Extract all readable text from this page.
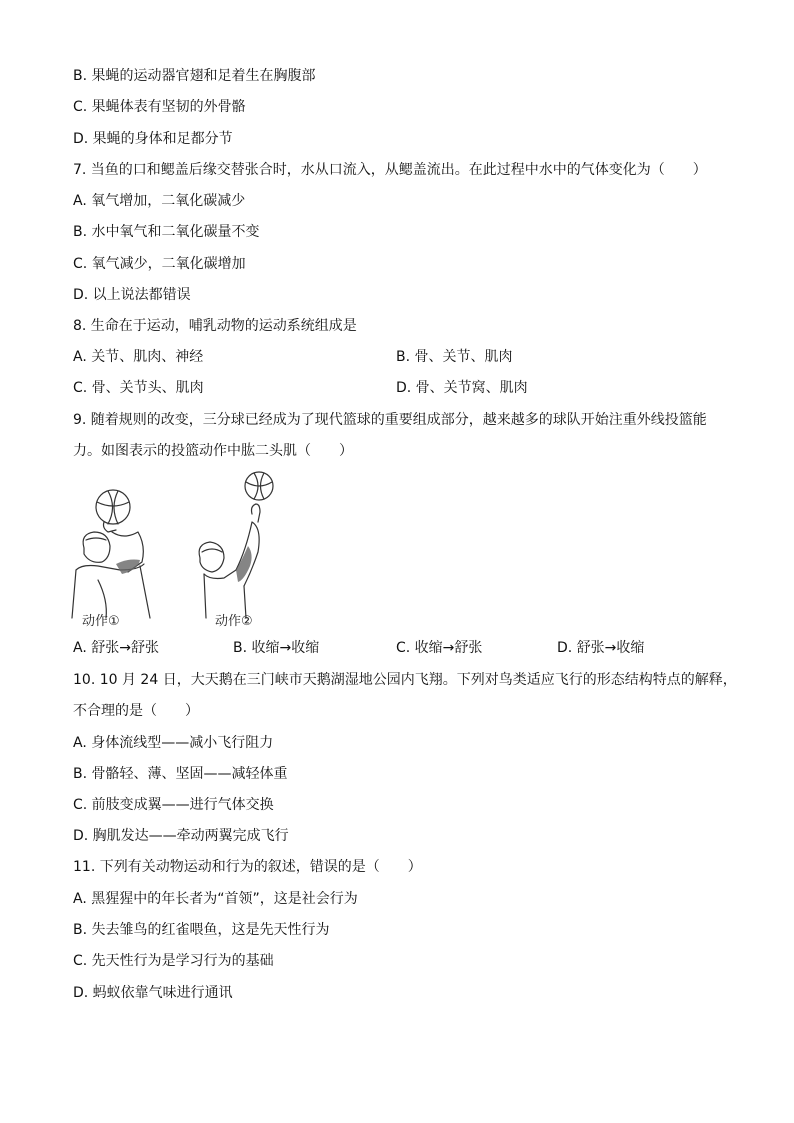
B. 果蝇的运动器官翅和足着生在胸腹部
C. 果蝇体表有坚韧的外骨骼
D. 果蝇的身体和足都分节
7. 当鱼的口和鳃盖后缘交替张合时，水从口流入，从鳃盖流出。在此过程中水中的气体变化为（　　）
A. 氧气增加，二氧化碳减少
B. 水中氧气和二氧化碳量不变
C. 氧气减少，二氧化碳增加
D. 以上说法都错误
8. 生命在于运动，哺乳动物的运动系统组成是
A. 关节、肌肉、神经	B. 骨、关节、肌肉
C. 骨、关节头、肌肉	D. 骨、关节窝、肌肉
9. 随着规则的改变，三分球已经成为了现代篮球的重要组成部分，越来越多的球队开始注重外线投篮能
力。如图表示的投篮动作中肱二头肌（　　）
动作①	动作②
A. 舒张→舒张	B. 收缩→收缩	C. 收缩→舒张	D. 舒张→收缩
10. 10 月 24 日，大天鹅在三门峡市天鹅湖湿地公园内飞翔。下列对鸟类适应飞行的形态结构特点的解释，
不合理的是（　　）
A. 身体流线型——减小飞行阻力
B. 骨骼轻、薄、坚固——减轻体重
C. 前肢变成翼——进行气体交换
D. 胸肌发达——牵动两翼完成飞行
11. 下列有关动物运动和行为的叙述，错误的是（　　）
A. 黑猩猩中的年长者为“首领”，这是社会行为
B. 失去雏鸟的红雀喂鱼，这是先天性行为
C. 先天性行为是学习行为的基础
D. 蚂蚁依靠气味进行通讯
